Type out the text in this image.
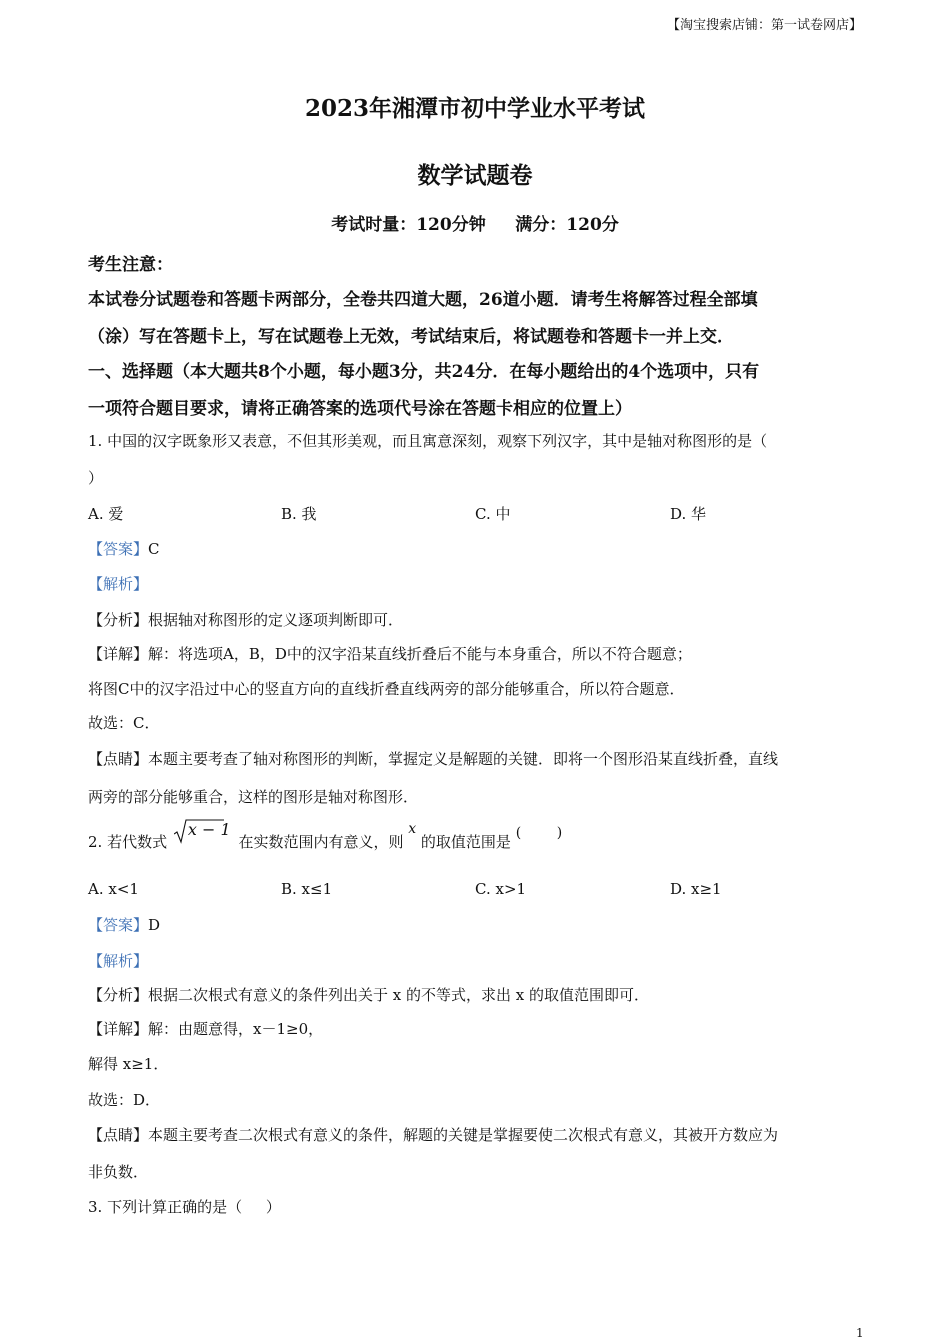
【淘宝搜索店铺：第一试卷网店】
2023年湘潭市初中学业水平考试
数学试题卷
考试时量：120分钟     满分：120分
考生注意：
本试卷分试题卷和答题卡两部分，全卷共四道大题，26道小题．请考生将解答过程全部填
（涂）写在答题卡上，写在试题卷上无效，考试结束后，将试题卷和答题卡一并上交．
一、选择题（本大题共8个小题，每小题3分，共24分．在每小题给出的4个选项中，只有
一项符合题目要求，请将正确答案的选项代号涂在答题卡相应的位置上）
1. 中国的汉字既象形又表意，不但其形美观，而且寓意深刻，观察下列汉字，其中是轴对称图形的是（
）
A. 爱	B. 我	C. 中	D. 华
【答案】C
【解析】
【分析】根据轴对称图形的定义逐项判断即可．
【详解】解：将选项A，B，D中的汉字沿某直线折叠后不能与本身重合，所以不符合题意；
将图C中的汉字沿过中心的竖直方向的直线折叠直线两旁的部分能够重合，所以符合题意．
故选：C．
【点睛】本题主要考查了轴对称图形的判断，掌握定义是解题的关键．即将一个图形沿某直线折叠，直线
两旁的部分能够重合，这样的图形是轴对称图形．
2. 若代数式
x − 1 在实数范围内有意义，则 x 的取值范围是 (        )
A. x<1	B. x≤1	C. x>1	D. x≥1
【答案】D
【解析】
【分析】根据二次根式有意义的条件列出关于 x 的不等式，求出 x 的取值范围即可．
【详解】解：由题意得，x－1≥0，
解得 x≥1．
故选：D．
【点睛】本题主要考查二次根式有意义的条件，解题的关键是掌握要使二次根式有意义，其被开方数应为
非负数．
3. 下列计算正确的是（     ）
1
